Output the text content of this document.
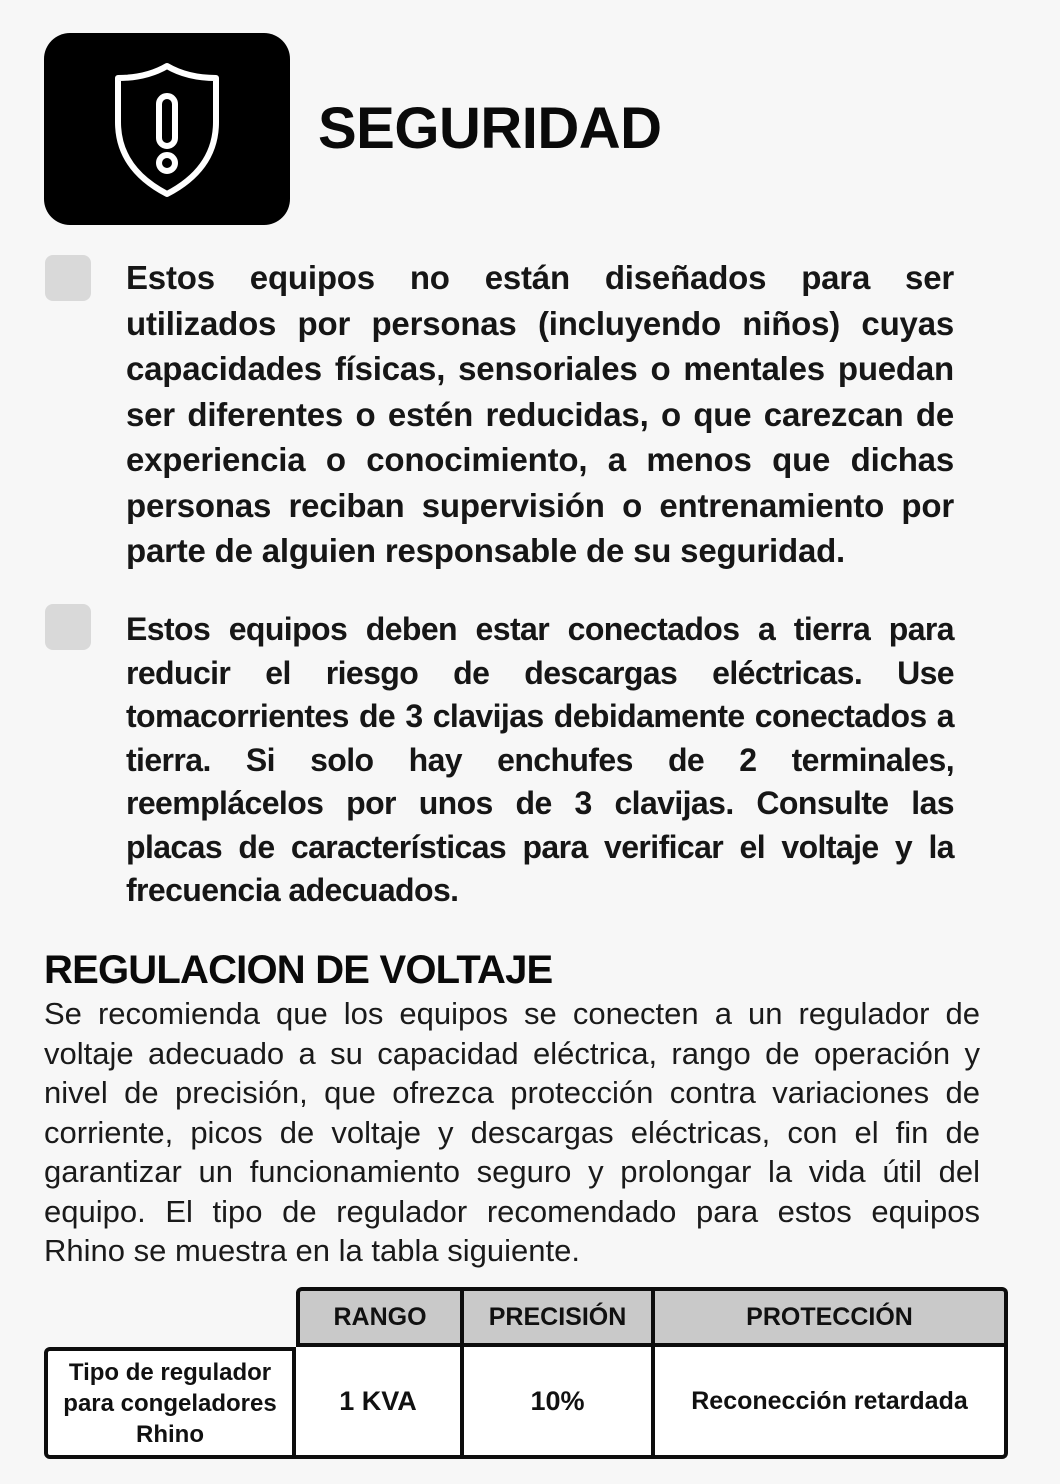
SEGURIDAD
Estos equipos no están diseñados para ser utilizados por personas (incluyendo niños) cuyas capacidades físicas, sensoriales o mentales puedan ser diferentes o estén reducidas, o que carezcan de experiencia o conocimiento, a menos que dichas personas reciban supervisión o entrenamiento por parte de alguien responsable de su seguridad.
Estos equipos deben estar conectados a tierra para reducir el riesgo de descargas eléctricas. Use tomacorrientes de 3 clavijas debidamente conectados a tierra. Si solo hay enchufes de 2 terminales, reemplácelos por unos de 3 clavijas. Consulte las placas de características para verificar el voltaje y la frecuencia adecuados.
REGULACION DE VOLTAJE
Se recomienda que los equipos se conecten a un regulador de voltaje adecuado a su capacidad eléctrica, rango de operación y nivel de precisión, que ofrezca protección contra variaciones de corriente, picos de voltaje y descargas eléctricas, con el fin de garantizar un funcionamiento seguro y prolongar la vida útil del equipo. El tipo de regulador recomendado para estos equipos Rhino se muestra en la tabla siguiente.
	RANGO	PRECISIÓN	PROTECCIÓN

Tipo de regulador para congeladores Rhino	1 KVA	10%	Reconección retardada
